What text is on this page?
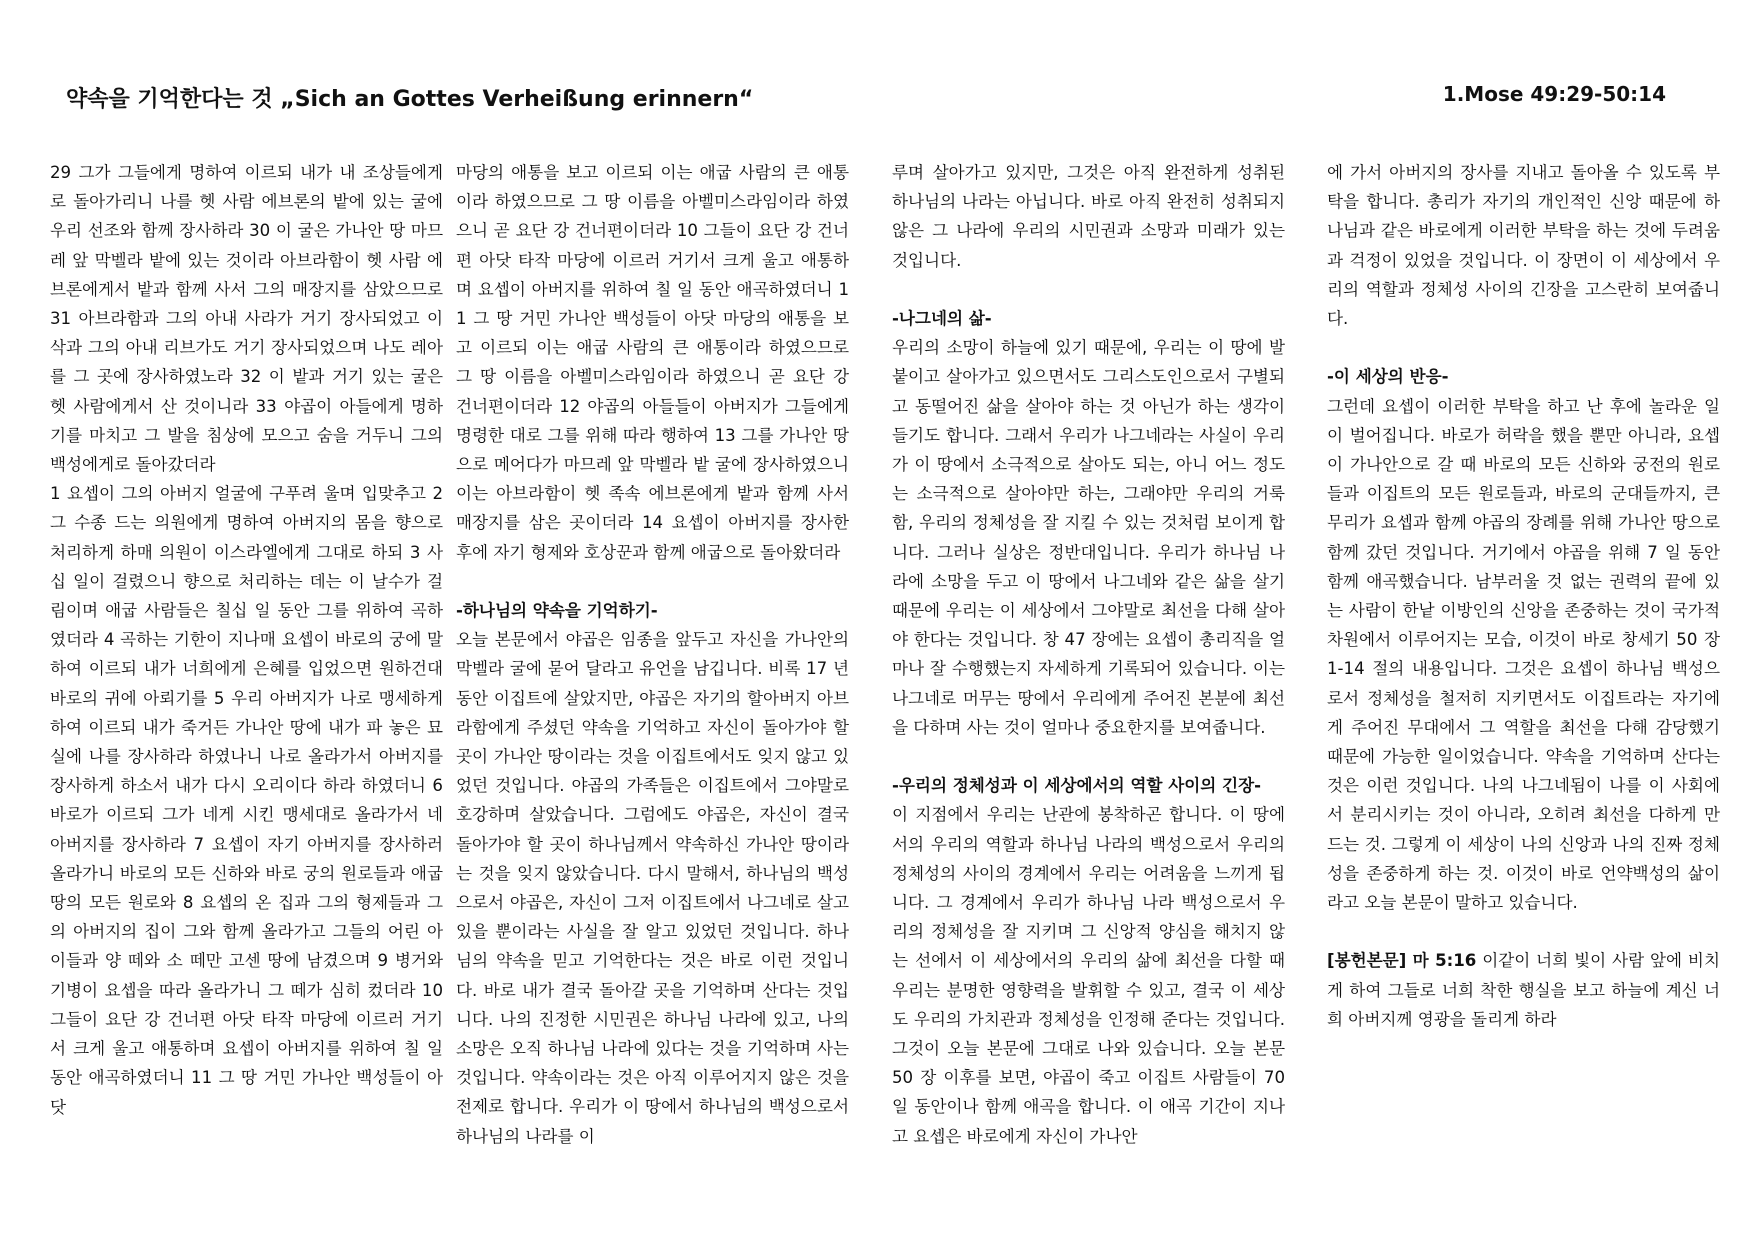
약속을 기억한다는 것 „Sich an Gottes Verheißung erinnern“	1.Mose 49:29-50:14

29 그가 그들에게 명하여 이르되 내가 내 조상들에게로 돌아가리니 나를 헷 사람 에브론의 밭에 있는 굴에 우리 선조와 함께 장사하라 30 이 굴은 가나안 땅 마므레 앞 막벨라 밭에 있는 것이라 아브라함이 헷 사람 에브론에게서 밭과 함께 사서 그의 매장지를 삼았으므로 31 아브라함과 그의 아내 사라가 거기 장사되었고 이삭과 그의 아내 리브가도 거기 장사되었으며 나도 레아를 그 곳에 장사하였노라 32 이 밭과 거기 있는 굴은 헷 사람에게서 산 것이니라 33 야곱이 아들에게 명하기를 마치고 그 발을 침상에 모으고 숨을 거두니 그의 백성에게로 돌아갔더라

1 요셉이 그의 아버지 얼굴에 구푸려 울며 입맞추고 2 그 수종 드는 의원에게 명하여 아버지의 몸을 향으로 처리하게 하매 의원이 이스라엘에게 그대로 하되 3 사십 일이 걸렸으니 향으로 처리하는 데는 이 날수가 걸림이며 애굽 사람들은 칠십 일 동안 그를 위하여 곡하였더라 4 곡하는 기한이 지나매 요셉이 바로의 궁에 말하여 이르되 내가 너희에게 은혜를 입었으면 원하건대 바로의 귀에 아뢰기를 5 우리 아버지가 나로 맹세하게 하여 이르되 내가 죽거든 가나안 땅에 내가 파 놓은 묘실에 나를 장사하라 하였나니 나로 올라가서 아버지를 장사하게 하소서 내가 다시 오리이다 하라 하였더니 6 바로가 이르되 그가 네게 시킨 맹세대로 올라가서 네 아버지를 장사하라 7 요셉이 자기 아버지를 장사하러 올라가니 바로의 모든 신하와 바로 궁의 원로들과 애굽 땅의 모든 원로와 8 요셉의 온 집과 그의 형제들과 그의 아버지의 집이 그와 함께 올라가고 그들의 어린 아이들과 양 떼와 소 떼만 고센 땅에 남겼으며 9 병거와 기병이 요셉을 따라 올라가니 그 떼가 심히 컸더라 10 그들이 요단 강 건너편 아닷 타작 마당에 이르러 거기서 크게 울고 애통하며 요셉이 아버지를 위하여 칠 일 동안 애곡하였더니 11 그 땅 거민 가나안 백성들이 아닷

마당의 애통을 보고 이르되 이는 애굽 사람의 큰 애통이라 하였으므로 그 땅 이름을 아벨미스라임이라 하였으니 곧 요단 강 건너편이더라 10 그들이 요단 강 건너편 아닷 타작 마당에 이르러 거기서 크게 울고 애통하며 요셉이 아버지를 위하여 칠 일 동안 애곡하였더니 11 그 땅 거민 가나안 백성들이 아닷 마당의 애통을 보고 이르되 이는 애굽 사람의 큰 애통이라 하였으므로 그 땅 이름을 아벨미스라임이라 하였으니 곧 요단 강 건너편이더라 12 야곱의 아들들이 아버지가 그들에게 명령한 대로 그를 위해 따라 행하여 13 그를 가나안 땅으로 메어다가 마므레 앞 막벨라 밭 굴에 장사하였으니 이는 아브라함이 헷 족속 에브론에게 밭과 함께 사서 매장지를 삼은 곳이더라 14 요셉이 아버지를 장사한 후에 자기 형제와 호상꾼과 함께 애굽으로 돌아왔더라

-하나님의 약속을 기억하기-

오늘 본문에서 야곱은 임종을 앞두고 자신을 가나안의 막벨라 굴에 묻어 달라고 유언을 남깁니다. 비록 17 년 동안 이집트에 살았지만, 야곱은 자기의 할아버지 아브라함에게 주셨던 약속을 기억하고 자신이 돌아가야 할 곳이 가나안 땅이라는 것을 이집트에서도 잊지 않고 있었던 것입니다. 야곱의 가족들은 이집트에서 그야말로 호강하며 살았습니다. 그럼에도 야곱은, 자신이 결국 돌아가야 할 곳이 하나님께서 약속하신 가나안 땅이라는 것을 잊지 않았습니다. 다시 말해서, 하나님의 백성으로서 야곱은, 자신이 그저 이집트에서 나그네로 살고 있을 뿐이라는 사실을 잘 알고 있었던 것입니다. 하나님의 약속을 믿고 기억한다는 것은 바로 이런 것입니다. 바로 내가 결국 돌아갈 곳을 기억하며 산다는 것입니다. 나의 진정한 시민권은 하나님 나라에 있고, 나의 소망은 오직 하나님 나라에 있다는 것을 기억하며 사는 것입니다. 약속이라는 것은 아직 이루어지지 않은 것을 전제로 합니다. 우리가 이 땅에서 하나님의 백성으로서 하나님의 나라를 이

루며 살아가고 있지만, 그것은 아직 완전하게 성취된 하나님의 나라는 아닙니다. 바로 아직 완전히 성취되지 않은 그 나라에 우리의 시민권과 소망과 미래가 있는 것입니다.

-나그네의 삶-

우리의 소망이 하늘에 있기 때문에, 우리는 이 땅에 발붙이고 살아가고 있으면서도 그리스도인으로서 구별되고 동떨어진 삶을 살아야 하는 것 아닌가 하는 생각이 들기도 합니다. 그래서 우리가 나그네라는 사실이 우리가 이 땅에서 소극적으로 살아도 되는, 아니 어느 정도는 소극적으로 살아야만 하는, 그래야만 우리의 거룩함, 우리의 정체성을 잘 지킬 수 있는 것처럼 보이게 합니다. 그러나 실상은 정반대입니다. 우리가 하나님 나라에 소망을 두고 이 땅에서 나그네와 같은 삶을 살기 때문에 우리는 이 세상에서 그야말로 최선을 다해 살아야 한다는 것입니다. 창 47 장에는 요셉이 총리직을 얼마나 잘 수행했는지 자세하게 기록되어 있습니다. 이는 나그네로 머무는 땅에서 우리에게 주어진 본분에 최선을 다하며 사는 것이 얼마나 중요한지를 보여줍니다.

-우리의 정체성과 이 세상에서의 역할 사이의 긴장-

이 지점에서 우리는 난관에 봉착하곤 합니다. 이 땅에서의 우리의 역할과 하나님 나라의 백성으로서 우리의 정체성의 사이의 경계에서 우리는 어려움을 느끼게 됩니다. 그 경계에서 우리가 하나님 나라 백성으로서 우리의 정체성을 잘 지키며 그 신앙적 양심을 해치지 않는 선에서 이 세상에서의 우리의 삶에 최선을 다할 때 우리는 분명한 영향력을 발휘할 수 있고, 결국 이 세상도 우리의 가치관과 정체성을 인정해 준다는 것입니다. 그것이 오늘 본문에 그대로 나와 있습니다. 오늘 본문 50 장 이후를 보면, 야곱이 죽고 이집트 사람들이 70 일 동안이나 함께 애곡을 합니다. 이 애곡 기간이 지나고 요셉은 바로에게 자신이 가나안

에 가서 아버지의 장사를 지내고 돌아올 수 있도록 부탁을 합니다. 총리가 자기의 개인적인 신앙 때문에 하나님과 같은 바로에게 이러한 부탁을 하는 것에 두려움과 걱정이 있었을 것입니다. 이 장면이 이 세상에서 우리의 역할과 정체성 사이의 긴장을 고스란히 보여줍니다.

-이 세상의 반응-

그런데 요셉이 이러한 부탁을 하고 난 후에 놀라운 일이 벌어집니다. 바로가 허락을 했을 뿐만 아니라, 요셉이 가나안으로 갈 때 바로의 모든 신하와 궁전의 원로들과 이집트의 모든 원로들과, 바로의 군대들까지, 큰 무리가 요셉과 함께 야곱의 장례를 위해 가나안 땅으로 함께 갔던 것입니다. 거기에서 야곱을 위해 7 일 동안 함께 애곡했습니다. 남부러울 것 없는 권력의 끝에 있는 사람이 한낱 이방인의 신앙을 존중하는 것이 국가적 차원에서 이루어지는 모습, 이것이 바로 창세기 50 장 1-14 절의 내용입니다. 그것은 요셉이 하나님 백성으로서 정체성을 철저히 지키면서도 이집트라는 자기에게 주어진 무대에서 그 역할을 최선을 다해 감당했기 때문에 가능한 일이었습니다. 약속을 기억하며 산다는 것은 이런 것입니다. 나의 나그네됨이 나를 이 사회에서 분리시키는 것이 아니라, 오히려 최선을 다하게 만드는 것. 그렇게 이 세상이 나의 신앙과 나의 진짜 정체성을 존중하게 하는 것. 이것이 바로 언약백성의 삶이라고 오늘 본문이 말하고 있습니다.

[봉헌본문] 마 5:16 이같이 너희 빛이 사람 앞에 비치게 하여 그들로 너희 착한 행실을 보고 하늘에 계신 너희 아버지께 영광을 돌리게 하라
